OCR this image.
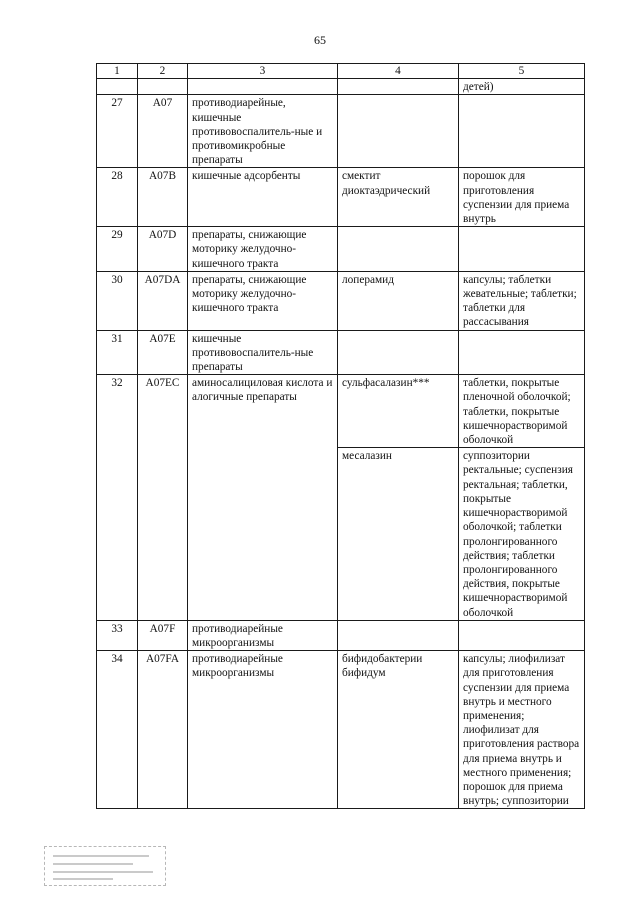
65
1	2	3	4	5
				детей)
27	A07	противодиарейные, кишечные противовоспалитель-ные и противомикробные препараты		
28	A07B	кишечные адсорбенты	смектит диоктаэдрический	порошок для приготовления суспензии для приема внутрь
29	A07D	препараты, снижающие моторику желудочно-кишечного тракта		
30	A07DA	препараты, снижающие моторику желудочно-кишечного тракта	лоперамид	капсулы; таблетки жевательные; таблетки; таблетки для рассасывания
31	A07E	кишечные противовоспалитель-ные препараты		
32	A07EC	аминосалициловая кислота и алогичные препараты	сульфасалазин***	таблетки, покрытые пленочной оболочкой; таблетки, покрытые кишечнорастворимой оболочкой
			месалазин	суппозитории ректальные; суспензия ректальная; таблетки, покрытые кишечнорастворимой оболочкой; таблетки пролонгированного действия; таблетки пролонгированного действия, покрытые кишечнорастворимой оболочкой
33	A07F	противодиарейные микроорганизмы		
34	A07FA	противодиарейные микроорганизмы	бифидобактерии бифидум	капсулы; лиофилизат для приготовления суспензии для приема внутрь и местного применения; лиофилизат для приготовления раствора для приема внутрь и местного применения; порошок для приема внутрь; суппозитории
